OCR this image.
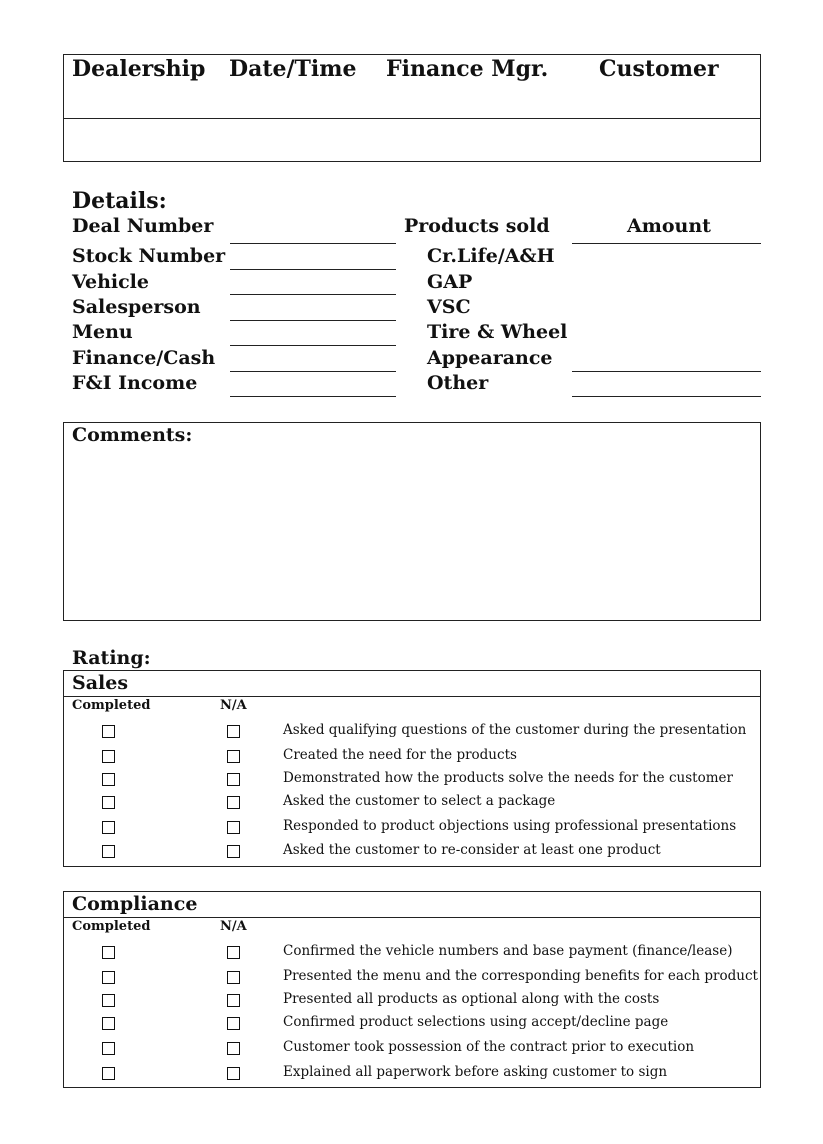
Dealership Date/Time Finance Mgr. Customer
Details:
Deal Number
Stock Number
Vehicle
Salesperson
Menu
Finance/Cash
F&I Income
Products sold	Amount
Cr.Life/A&H
GAP
VSC
Tire & Wheel
Appearance
Other
Comments:
Rating:
Sales
Completed	N/A
Asked qualifying questions of the customer during the presentation
Created the need for the products
Demonstrated how the products solve the needs for the customer
Asked the customer to select a package
Responded to product objections using professional presentations
Asked the customer to re-consider at least one product
Compliance
Completed	N/A
Confirmed the vehicle numbers and base payment (finance/lease)
Presented the menu and the corresponding benefits for each product
Presented all products as optional along with the costs
Confirmed product selections using accept/decline page
Customer took possession of the contract prior to execution
Explained all paperwork before asking customer to sign
